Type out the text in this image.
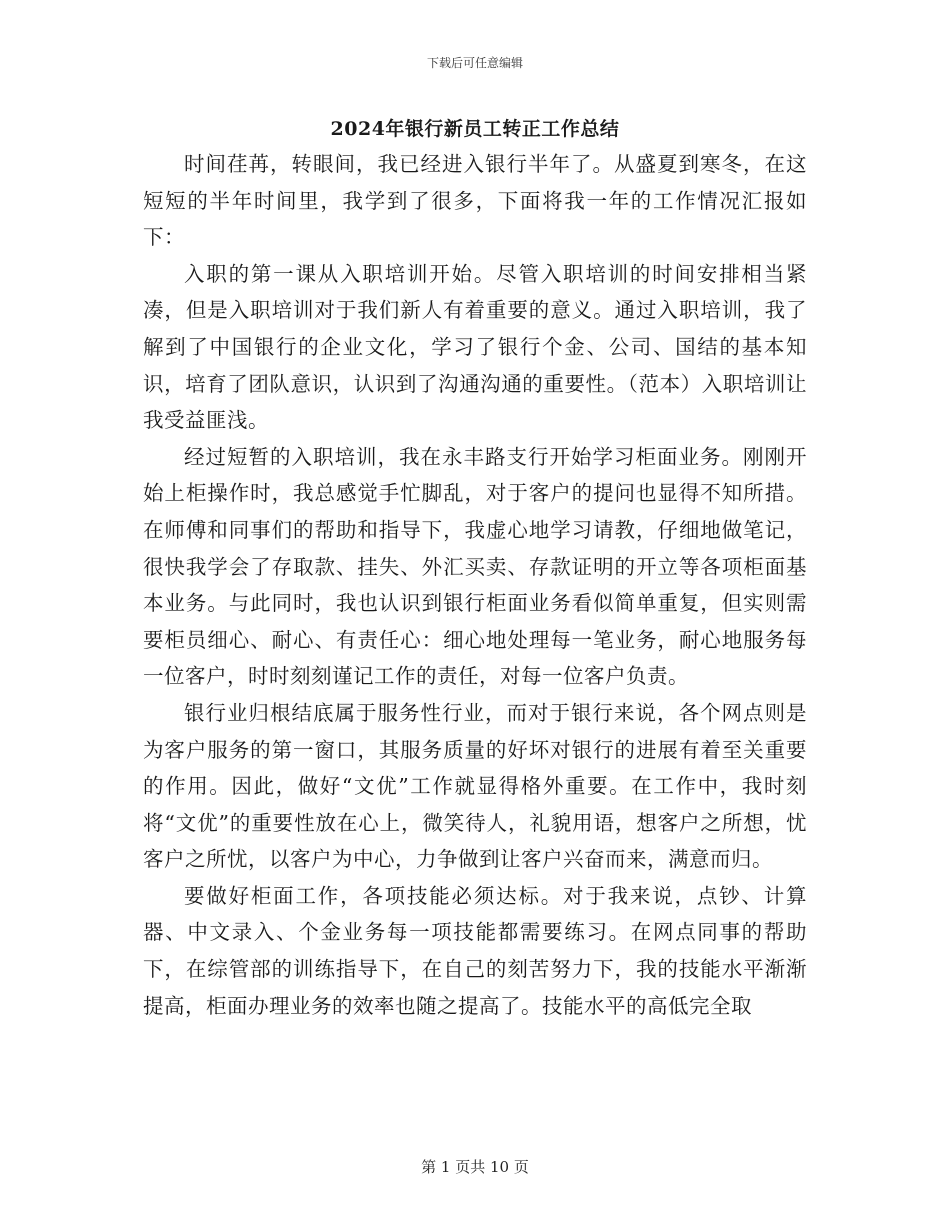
下载后可任意编辑
2024年银行新员工转正工作总结

时间荏苒，转眼间，我已经进入银行半年了。从盛夏到寒冬，在这短短的半年时间里，我学到了很多，下面将我一年的工作情况汇报如下：

入职的第一课从入职培训开始。尽管入职培训的时间安排相当紧凑，但是入职培训对于我们新人有着重要的意义。通过入职培训，我了解到了中国银行的企业文化，学习了银行个金、公司、国结的基本知识，培育了团队意识，认识到了沟通沟通的重要性。（范本）入职培训让我受益匪浅。

经过短暂的入职培训，我在永丰路支行开始学习柜面业务。刚刚开始上柜操作时，我总感觉手忙脚乱，对于客户的提问也显得不知所措。在师傅和同事们的帮助和指导下，我虚心地学习请教，仔细地做笔记，很快我学会了存取款、挂失、外汇买卖、存款证明的开立等各项柜面基本业务。与此同时，我也认识到银行柜面业务看似简单重复，但实则需要柜员细心、耐心、有责任心：细心地处理每一笔业务，耐心地服务每一位客户，时时刻刻谨记工作的责任，对每一位客户负责。

银行业归根结底属于服务性行业，而对于银行来说，各个网点则是为客户服务的第一窗口，其服务质量的好坏对银行的进展有着至关重要的作用。因此，做好“文优”工作就显得格外重要。在工作中，我时刻将“文优”的重要性放在心上，微笑待人，礼貌用语，想客户之所想，忧客户之所忧，以客户为中心，力争做到让客户兴奋而来，满意而归。

要做好柜面工作，各项技能必须达标。对于我来说，点钞、计算器、中文录入、个金业务每一项技能都需要练习。在网点同事的帮助下，在综管部的训练指导下，在自己的刻苦努力下，我的技能水平渐渐提高，柜面办理业务的效率也随之提高了。技能水平的高低完全取

第 1 页共 10 页
